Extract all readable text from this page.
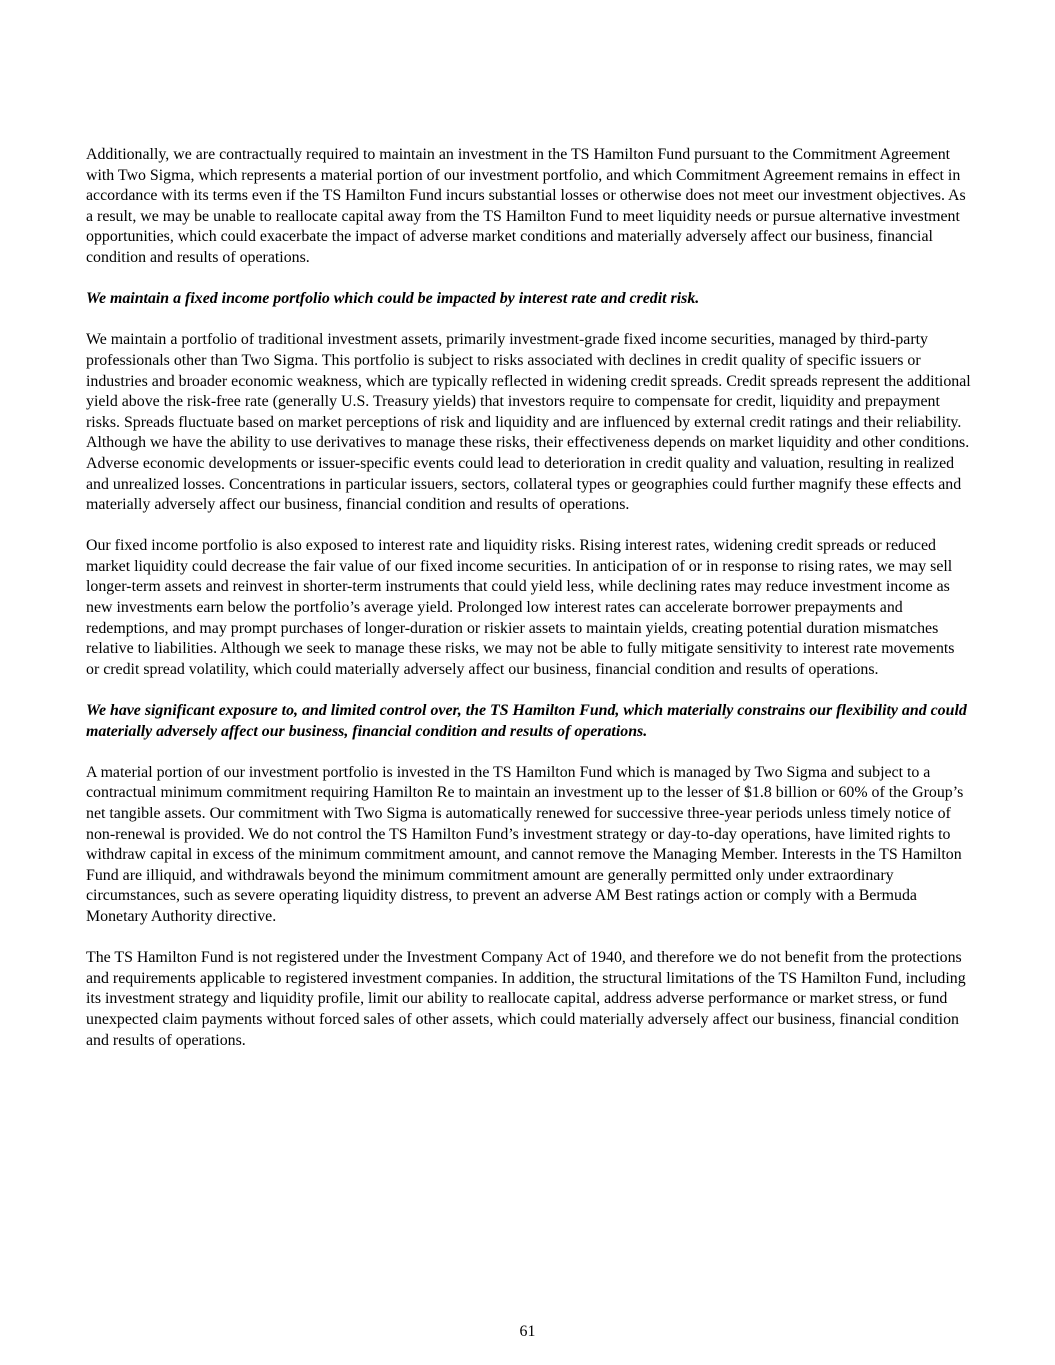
Additionally, we are contractually required to maintain an investment in the TS Hamilton Fund pursuant to the Commitment Agreement with Two Sigma, which represents a material portion of our investment portfolio, and which Commitment Agreement remains in effect in accordance with its terms even if the TS Hamilton Fund incurs substantial losses or otherwise does not meet our investment objectives. As a result, we may be unable to reallocate capital away from the TS Hamilton Fund to meet liquidity needs or pursue alternative investment opportunities, which could exacerbate the impact of adverse market conditions and materially adversely affect our business, financial condition and results of operations.

We maintain a fixed income portfolio which could be impacted by interest rate and credit risk.

We maintain a portfolio of traditional investment assets, primarily investment-grade fixed income securities, managed by third-party professionals other than Two Sigma. This portfolio is subject to risks associated with declines in credit quality of specific issuers or industries and broader economic weakness, which are typically reflected in widening credit spreads. Credit spreads represent the additional yield above the risk-free rate (generally U.S. Treasury yields) that investors require to compensate for credit, liquidity and prepayment risks. Spreads fluctuate based on market perceptions of risk and liquidity and are influenced by external credit ratings and their reliability. Although we have the ability to use derivatives to manage these risks, their effectiveness depends on market liquidity and other conditions. Adverse economic developments or issuer-specific events could lead to deterioration in credit quality and valuation, resulting in realized and unrealized losses. Concentrations in particular issuers, sectors, collateral types or geographies could further magnify these effects and materially adversely affect our business, financial condition and results of operations.

Our fixed income portfolio is also exposed to interest rate and liquidity risks. Rising interest rates, widening credit spreads or reduced market liquidity could decrease the fair value of our fixed income securities. In anticipation of or in response to rising rates, we may sell longer-term assets and reinvest in shorter-term instruments that could yield less, while declining rates may reduce investment income as new investments earn below the portfolio’s average yield. Prolonged low interest rates can accelerate borrower prepayments and redemptions, and may prompt purchases of longer-duration or riskier assets to maintain yields, creating potential duration mismatches relative to liabilities. Although we seek to manage these risks, we may not be able to fully mitigate sensitivity to interest rate movements or credit spread volatility, which could materially adversely affect our business, financial condition and results of operations.

We have significant exposure to, and limited control over, the TS Hamilton Fund, which materially constrains our flexibility and could materially adversely affect our business, financial condition and results of operations.

A material portion of our investment portfolio is invested in the TS Hamilton Fund which is managed by Two Sigma and subject to a contractual minimum commitment requiring Hamilton Re to maintain an investment up to the lesser of $1.8 billion or 60% of the Group’s net tangible assets. Our commitment with Two Sigma is automatically renewed for successive three-year periods unless timely notice of non-renewal is provided. We do not control the TS Hamilton Fund’s investment strategy or day-to-day operations, have limited rights to withdraw capital in excess of the minimum commitment amount, and cannot remove the Managing Member. Interests in the TS Hamilton Fund are illiquid, and withdrawals beyond the minimum commitment amount are generally permitted only under extraordinary circumstances, such as severe operating liquidity distress, to prevent an adverse AM Best ratings action or comply with a Bermuda Monetary Authority directive.

The TS Hamilton Fund is not registered under the Investment Company Act of 1940, and therefore we do not benefit from the protections and requirements applicable to registered investment companies. In addition, the structural limitations of the TS Hamilton Fund, including its investment strategy and liquidity profile, limit our ability to reallocate capital, address adverse performance or market stress, or fund unexpected claim payments without forced sales of other assets, which could materially adversely affect our business, financial condition and results of operations.

61
